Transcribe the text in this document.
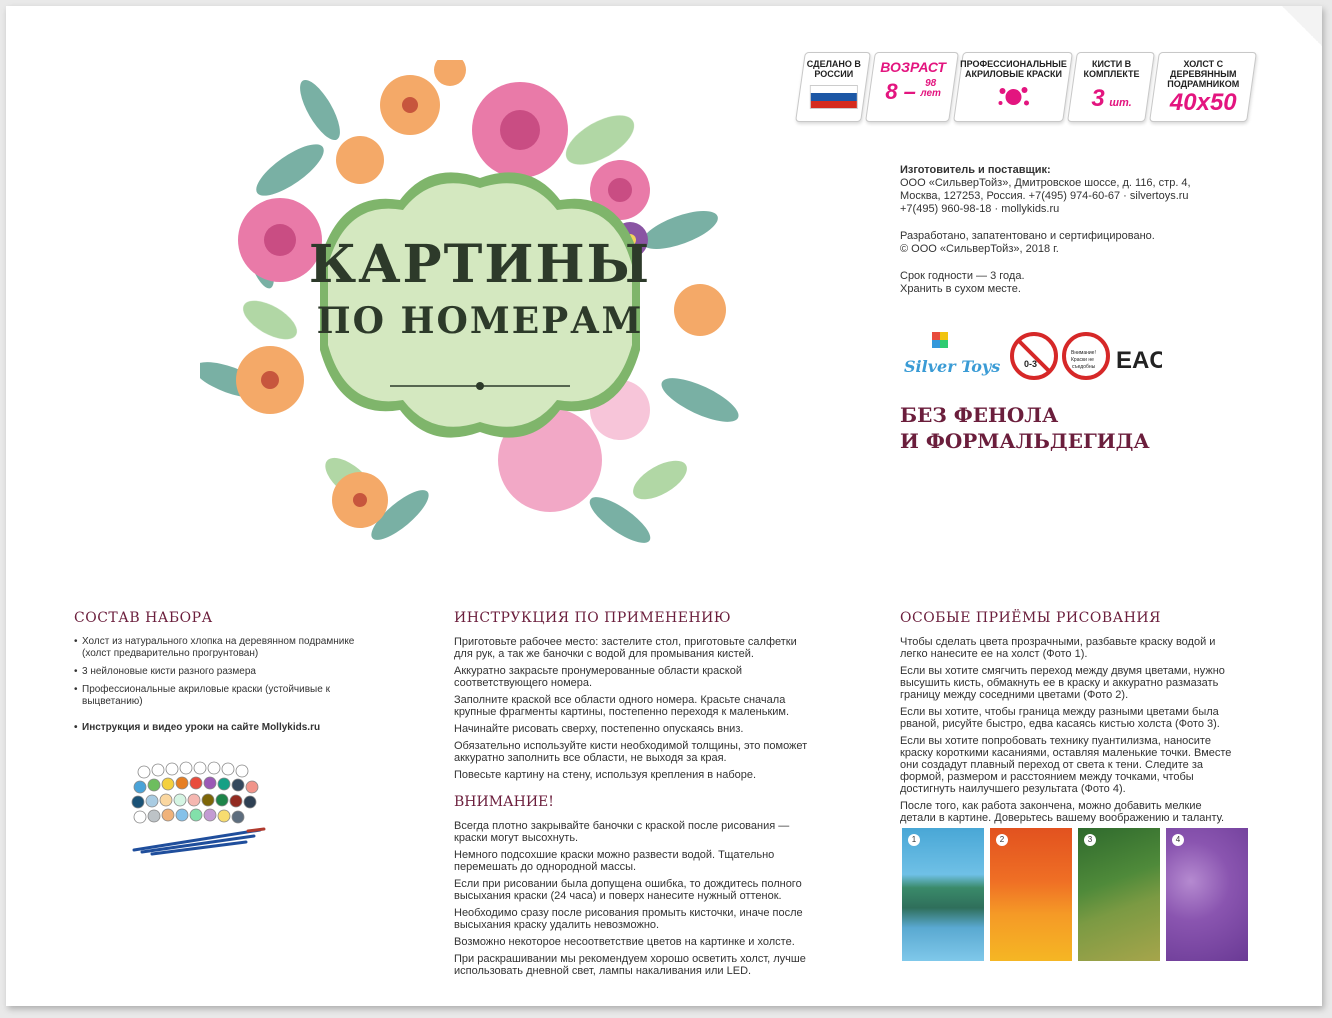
КАРТИНЫ
ПО НОМЕРАМ
СДЕЛАНО В РОССИИ	ВОЗРАСТ
8 – 98
лет
ПРОФЕССИОНАЛЬНЫЕ АКРИЛОВЫЕ КРАСКИ
КИСТИ В КОМПЛЕКТЕ
3 шт.
ХОЛСТ С ДЕРЕВЯННЫМ ПОДРАМНИКОМ
40х50

Изготовитель и поставщик:
ООО «СильверТойз», Дмитровское шоссе, д. 116, стр. 4,
Москва, 127253, Россия. +7(495) 974-60-67 · silvertoys.ru
+7(495) 960-98-18 · mollykids.ru

Разработано, запатентовано и сертифицировано.
© ООО «СильверТойз», 2018 г.

Срок годности — 3 года.
Хранить в сухом месте.

Silver Toys	0-3
Внимание!
Краски не
съедобны EAC
БЕЗ ФЕНОЛА
И ФОРМАЛЬДЕГИДА
СОСТАВ НАБОРА
• Холст из натурального хлопка на деревянном подрамнике (холст предварительно прогрунтован)
• 3 нейлоновые кисти разного размера
• Профессиональные акриловые краски (устойчивые к выцветанию)
• Инструкция и видео уроки на сайте Mollykids.ru
ИНСТРУКЦИЯ ПО ПРИМЕНЕНИЮ

Приготовьте рабочее место: застелите стол, приготовьте салфетки для рук, а так же баночки с водой для промывания кистей.

Аккуратно закрасьте пронумерованные области краской соответствующего номера.

Заполните краской все области одного номера. Красьте сначала крупные фрагменты картины, постепенно переходя к маленьким.

Начинайте рисовать сверху, постепенно опускаясь вниз.

Обязательно используйте кисти необходимой толщины, это поможет аккуратно заполнить все области, не выходя за края.

Повесьте картину на стену, используя крепления в наборе.

ВНИМАНИЕ!

Всегда плотно закрывайте баночки с краской после рисования — краски могут высохнуть.

Немного подсохшие краски можно развести водой. Тщательно перемешать до однородной массы.

Если при рисовании была допущена ошибка, то дождитесь полного высыхания краски (24 часа) и поверх нанесите нужный оттенок.

Необходимо сразу после рисования промыть кисточки, иначе после высыхания краску удалить невозможно.

Возможно некоторое несоответствие цветов на картинке и холсте.

При раскрашивании мы рекомендуем хорошо осветить холст, лучше использовать дневной свет, лампы накаливания или LED.

ОСОБЫЕ ПРИЁМЫ РИСОВАНИЯ

Чтобы сделать цвета прозрачными, разбавьте краску водой и легко нанесите ее на холст (Фото 1).

Если вы хотите смягчить переход между двумя цветами, нужно высушить кисть, обмакнуть ее в краску и аккуратно размазать границу между соседними цветами (Фото 2).

Если вы хотите, чтобы граница между разными цветами была рваной, рисуйте быстро, едва касаясь кистью холста (Фото 3).

Если вы хотите попробовать технику пуантилизма, наносите краску короткими касаниями, оставляя маленькие точки. Вместе они создадут плавный переход от света к тени. Следите за формой, размером и расстоянием между точками, чтобы достигнуть наилучшего результата (Фото 4).

После того, как работа закончена, можно добавить мелкие детали в картине. Доверьтесь вашему воображению и таланту.

1	2	3	4
